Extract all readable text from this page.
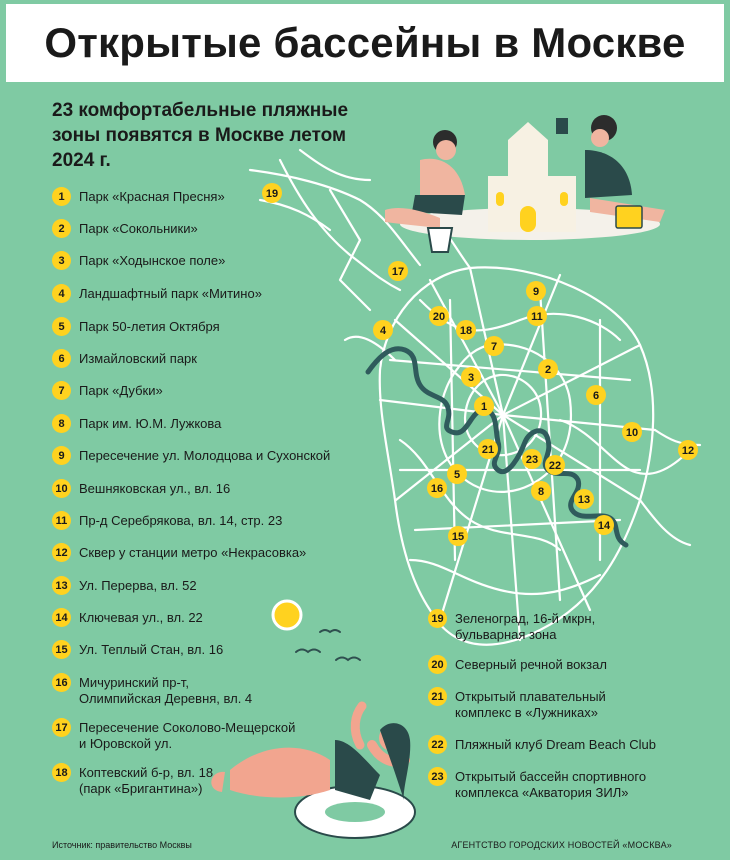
Открытые бассейны в Москве
23 комфортабельные пляжные зоны появятся в Москве летом 2024 г.
1
2
3
4
5
6
7
8
9
10
11
12
13
14
15
16
17
18
19
20
21
22
23
1	Парк «Красная Пресня»
2	Парк «Сокольники»
3	Парк «Ходынское поле»
4	Ландшафтный парк «Митино»
5	Парк 50-летия Октября
6	Измайловский парк
7	Парк «Дубки»
8	Парк им. Ю.М. Лужкова
9	Пересечение ул. Молодцова и Сухонской
10 Вешняковская ул., вл. 16
11 Пр-д Серебрякова, вл. 14, стр. 23
12 Сквер у станции метро «Некрасовка»
13 Ул. Перерва, вл. 52
14 Ключевая ул., вл. 22
15 Ул. Теплый Стан, вл. 16
16 Мичуринский пр-т,
Олимпийская Деревня, вл. 4
17 Пересечение Соколово-Мещерской
и Юровской ул.
18 Коптевский б-р, вл. 18
(парк «Бригантина»)
19 Зеленоград, 16-й мкрн,
бульварная зона
20 Северный речной вокзал
21 Открытый плавательный
комплекс в «Лужниках»
22 Пляжный клуб Dream Beach Club
23 Открытый бассейн спортивного
комплекса «Акватория ЗИЛ»
Источник: правительство Москвы	АГЕНТСТВО ГОРОДСКИХ НОВОСТЕЙ «МОСКВА»
